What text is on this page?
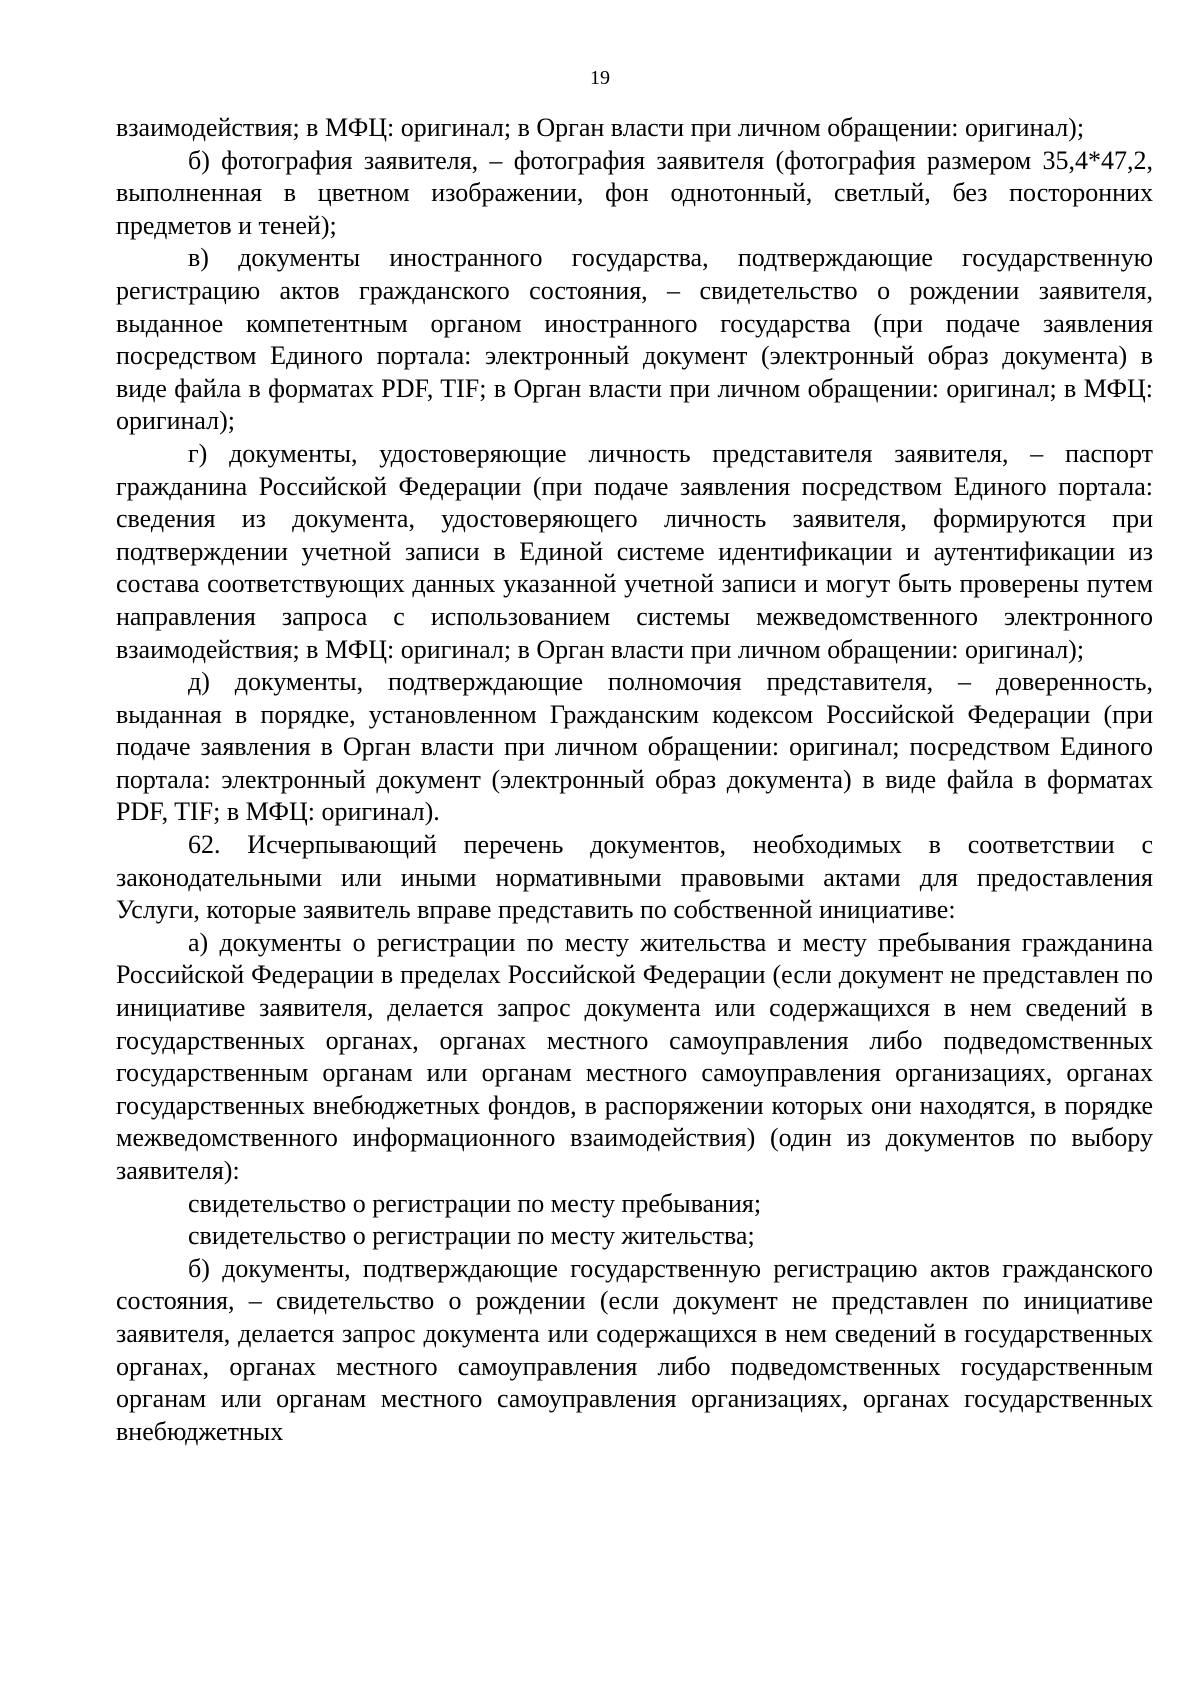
19

взаимодействия; в МФЦ: оригинал; в Орган власти при личном обращении: оригинал);

б) фотография заявителя, – фотография заявителя (фотография размером 35,4*47,2, выполненная в цветном изображении, фон однотонный, светлый, без посторонних предметов и теней);

в) документы иностранного государства, подтверждающие государственную регистрацию актов гражданского состояния, – свидетельство о рождении заявителя, выданное компетентным органом иностранного государства (при подаче заявления посредством Единого портала: электронный документ (электронный образ документа) в виде файла в форматах PDF, TIF; в Орган власти при личном обращении: оригинал; в МФЦ: оригинал);

г) документы, удостоверяющие личность представителя заявителя, – паспорт гражданина Российской Федерации (при подаче заявления посредством Единого портала: сведения из документа, удостоверяющего личность заявителя, формируются при подтверждении учетной записи в Единой системе идентификации и аутентификации из состава соответствующих данных указанной учетной записи и могут быть проверены путем направления запроса с использованием системы межведомственного электронного взаимодействия; в МФЦ: оригинал; в Орган власти при личном обращении: оригинал);

д) документы, подтверждающие полномочия представителя, – доверенность, выданная в порядке, установленном Гражданским кодексом Российской Федерации (при подаче заявления в Орган власти при личном обращении: оригинал; посредством Единого портала: электронный документ (электронный образ документа) в виде файла в форматах PDF, TIF; в МФЦ: оригинал).

62. Исчерпывающий перечень документов, необходимых в соответствии с законодательными или иными нормативными правовыми актами для предоставления Услуги, которые заявитель вправе представить по собственной инициативе:

а) документы о регистрации по месту жительства и месту пребывания гражданина Российской Федерации в пределах Российской Федерации (если документ не представлен по инициативе заявителя, делается запрос документа или содержащихся в нем сведений в государственных органах, органах местного самоуправления либо подведомственных государственным органам или органам местного самоуправления организациях, органах государственных внебюджетных фондов, в распоряжении которых они находятся, в порядке межведомственного информационного взаимодействия) (один из документов по выбору заявителя):

свидетельство о регистрации по месту пребывания;

свидетельство о регистрации по месту жительства;

б) документы, подтверждающие государственную регистрацию актов гражданского состояния, – свидетельство о рождении (если документ не представлен по инициативе заявителя, делается запрос документа или содержащихся в нем сведений в государственных органах, органах местного самоуправления либо подведомственных государственным органам или органам местного самоуправления организациях, органах государственных внебюджетных
